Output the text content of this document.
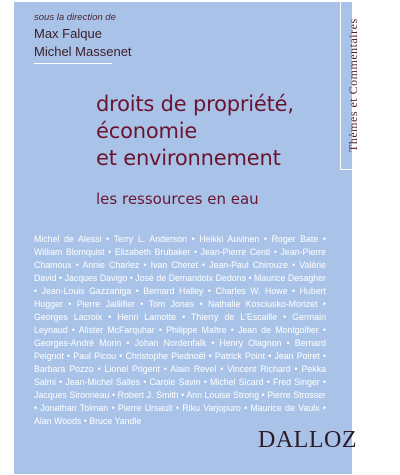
Thèmes et Commentaires
sous la direction de
Max Falque
Michel Massenet
droits de propriété,
économie
et environnement
les ressources en eau
Michel de Alessi • Terry L. Anderson • Heikki Auvinen • Roger Bate • William Blomquist • Elizabeth Brubaker • Jean-Pierre Centi • Jean-Pierre Chamoux • Annie Charlez • Ivan Cheret • Jean-Paul Chirouze • Valérie David • Jacques Davigo • José de Demandolx Dedons • Maurice Desagher • Jean-Louis Gazzaniga • Bernard Halley • Charles W. Howe • Hubert Hugger • Pierre Jaillifier • Tom Jones • Nathalie Kosciusko-Morizet • Georges Lacroix • Henri Lamotte • Thierry de L'Escaille • Germain Leynaud • Alister McFarquhar • Philippe Maître • Jean de Montgolfier • Georges-André Morin • Johan Nordenfalk • Henry Olagnon • Bernard Peignot • Paul Picou • Christophe Piednoël • Patrick Point • Jean Poiret • Barbara Pozzo • Lionel Prigent • Alain Revel • Vincent Richard • Pekka Salmi • Jean-Michel Salles • Carole Savin • Michel Sicard • Fred Singer • Jacques Sironneau • Robert J. Smith • Ann Louise Strong • Pierre Strosser • Jonathan Tolman • Pierre Ursault • Riku Varjopuro • Maurice de Vaulx • Alan Woods • Bruce Yandle
DALLOZ
